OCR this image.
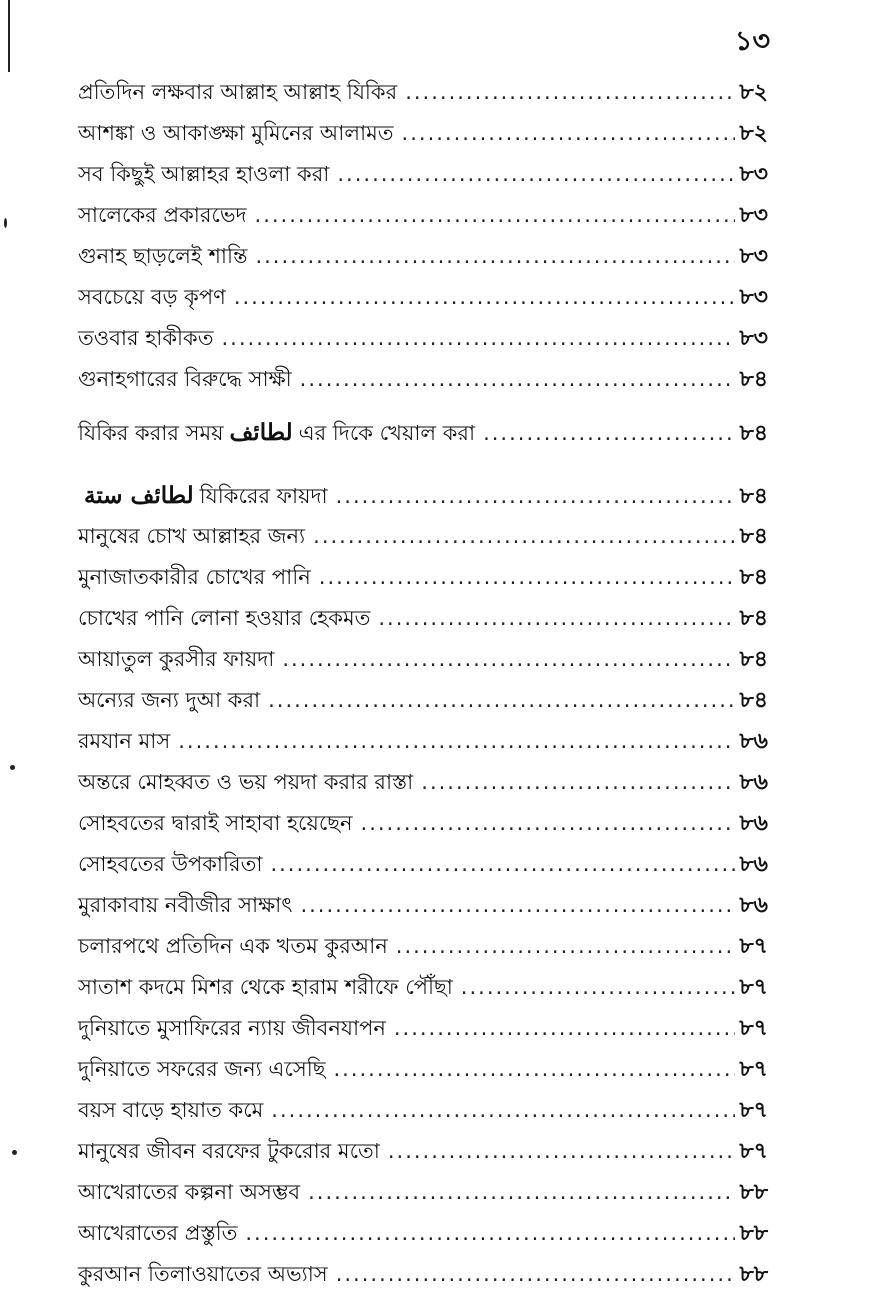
১৩
প্রতিদিন লক্ষবার আল্লাহ আল্লাহ যিকির .....	৮২
আশঙ্কা ও আকাঙ্ক্ষা মুমিনের আলামত .....	৮২
সব কিছুই আল্লাহর হাওলা করা .....	৮৩
সালেকের প্রকারভেদ .....	৮৩
গুনাহ ছাড়লেই শান্তি .....	৮৩
সবচেয়ে বড় কৃপণ .....	৮৩
তওবার হাকীকত .....	৮৩
গুনাহগারের বিরুদ্ধে সাক্ষী .....	৮৪
যিকির করার সময় لطائف এর দিকে খেয়াল করা .....	৮৪
لطائف ستة যিকিরের ফায়দা .....	৮৪
মানুষের চোখ আল্লাহর জন্য .....	৮৪
মুনাজাতকারীর চোখের পানি .....	৮৪
চোখের পানি লোনা হওয়ার হেকমত .....	৮৪
আয়াতুল কুরসীর ফায়দা .....	৮৪
অন্যের জন্য দুআ করা .....	৮৪
রমযান মাস .....	৮৬
অন্তরে মোহব্বত ও ভয় পয়দা করার রাস্তা .....	৮৬
সোহবতের দ্বারাই সাহাবা হয়েছেন .....	৮৬
সোহবতের উপকারিতা .....	৮৬
মুরাকাবায় নবীজীর সাক্ষাৎ .....	৮৬
চলারপথে প্রতিদিন এক খতম কুরআন .....	৮৭
সাতাশ কদমে মিশর থেকে হারাম শরীফে পৌঁছা .....	৮৭
দুনিয়াতে মুসাফিরের ন্যায় জীবনযাপন .....	৮৭
দুনিয়াতে সফরের জন্য এসেছি .....	৮৭
বয়স বাড়ে হায়াত কমে .....	৮৭
মানুষের জীবন বরফের টুকরোর মতো .....	৮৭
আখেরাতের কল্পনা অসম্ভব .....	৮৮
আখেরাতের প্রস্তুতি .....	৮৮
কুরআন তিলাওয়াতের অভ্যাস .....	৮৮
